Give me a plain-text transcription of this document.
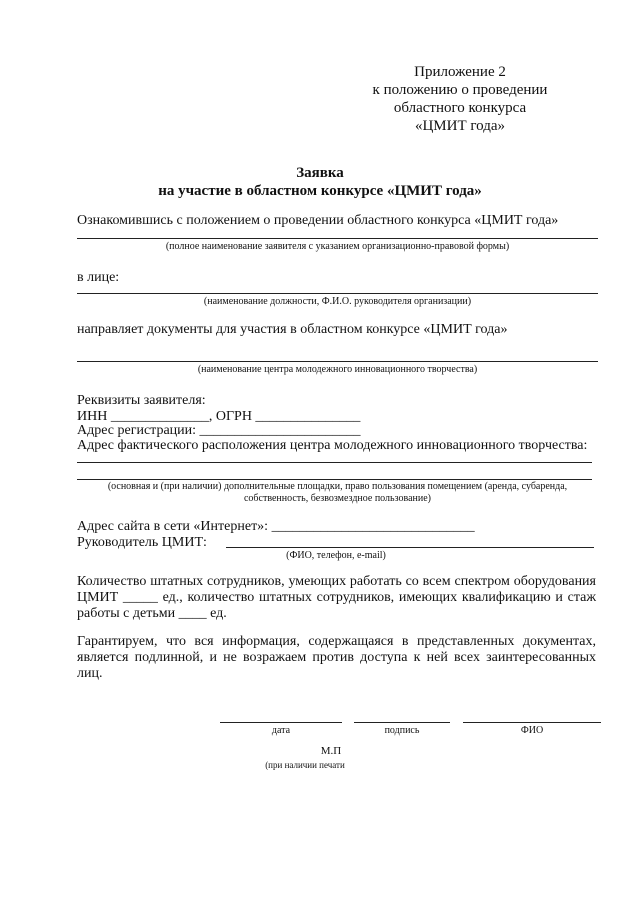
Приложение 2
к положению о проведении
областного конкурса
«ЦМИТ года»
Заявка
на участие в областном конкурсе «ЦМИТ года»
Ознакомившись с положением о проведении областного конкурса «ЦМИТ года»
(полное наименование заявителя с указанием организационно-правовой формы)
в лице:
(наименование должности, Ф.И.О. руководителя организации)
направляет документы для участия в областном конкурсе «ЦМИТ года»
(наименование центра молодежного инновационного творчества)
Реквизиты заявителя:
ИНН ______________, ОГРН _______________
Адрес регистрации: _______________________
Адрес фактического расположения центра молодежного инновационного творчества:
(основная и (при наличии) дополнительные площадки, право пользования помещением (аренда, субаренда,
собственность, безвозмездное пользование)
Адрес сайта в сети «Интернет»: _____________________________
Руководитель ЦМИТ:
(ФИО, телефон, e-mail)
Количество штатных сотрудников, умеющих работать со всем спектром оборудования ЦМИТ _____ ед., количество штатных сотрудников, имеющих квалификацию и стаж работы с детьми ____ ед.
Гарантируем, что вся информация, содержащаяся в представленных документах, является подлинной, и не возражаем против доступа к ней всех заинтересованных лиц.
дата	подпись	ФИО
М.П
(при наличии печати
